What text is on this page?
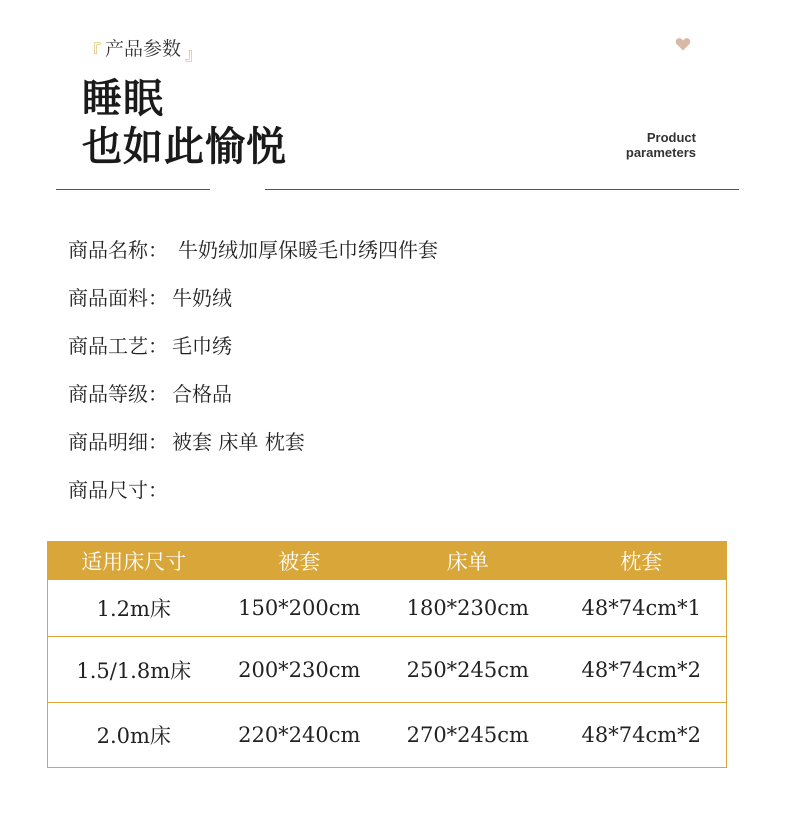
『 产品参数 』
睡眠
也如此愉悦	Product
parameters
商品名称： 牛奶绒加厚保暖毛巾绣四件套
商品面料： 牛奶绒
商品工艺： 毛巾绣
商品等级： 合格品
商品明细： 被套 床单 枕套
商品尺寸：
适用床尺寸	被套	床单	枕套
1.2m床	150*200cm	180*230cm	48*74cm*1
1.5/1.8m床	200*230cm	250*245cm	48*74cm*2
2.0m床	220*240cm	270*245cm	48*74cm*2
